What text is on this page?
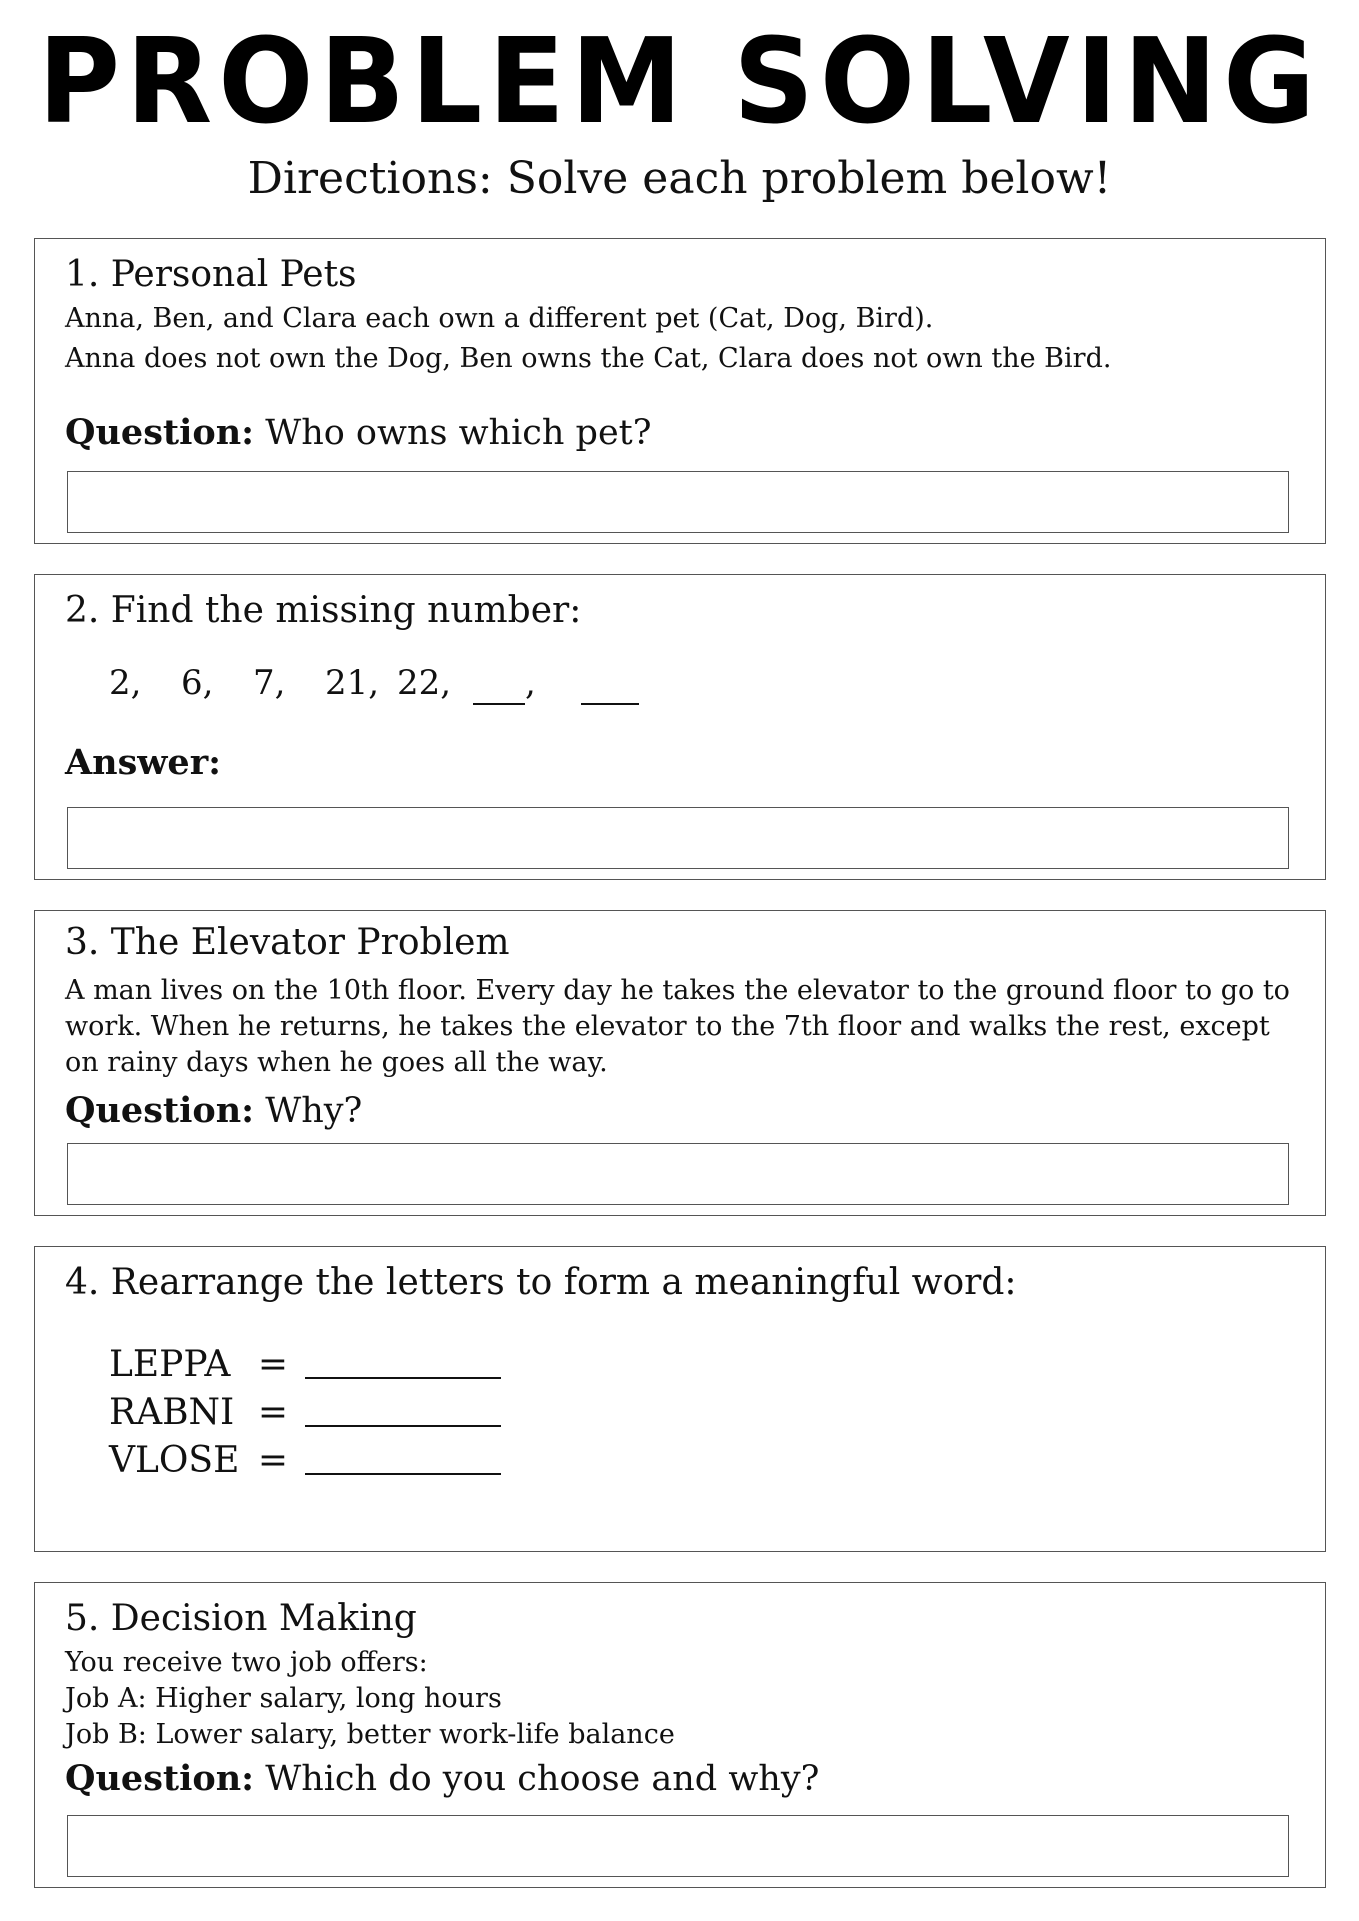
PROBLEM SOLVING
Directions: Solve each problem below!
1. Personal Pets
Anna, Ben, and Clara each own a different pet (Cat, Dog, Bird).
Anna does not own the Dog, Ben owns the Cat, Clara does not own the Bird.
Question: Who owns which pet?
2. Find the missing number:
2,	6,	7,	21, 22,	,
Answer:
3. The Elevator Problem
A man lives on the 10th floor. Every day he takes the elevator to the ground floor to go to work. When he returns, he takes the elevator to the 7th floor and walks the rest, except on rainy days when he goes all the way.
Question: Why?
4. Rearrange the letters to form a meaningful word:
LEPPA =
RABNI =
VLOSE =
5. Decision Making
You receive two job offers:
Job A: Higher salary, long hours
Job B: Lower salary, better work-life balance
Question: Which do you choose and why?
